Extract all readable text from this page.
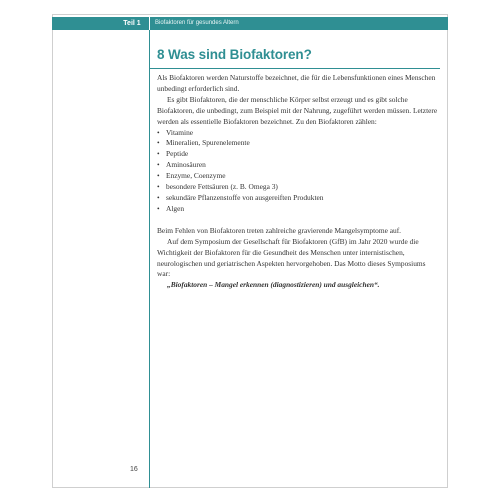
Teil 1	Biofaktoren für gesundes Altern
8 Was sind Biofaktoren?

Als Biofaktoren werden Naturstoffe bezeichnet, die für die Lebensfunktionen eines Menschen unbedingt erforderlich sind.

Es gibt Biofaktoren, die der menschliche Körper selbst erzeugt und es gibt solche Biofaktoren, die unbedingt, zum Beispiel mit der Nahrung, zugeführt werden müssen. Letztere werden als essentielle Biofaktoren bezeichnet. Zu den Biofaktoren zählen:

• Vitamine
• Mineralien, Spurenelemente
• Peptide
• Aminosäuren
• Enzyme, Coenzyme
• besondere Fettsäuren (z. B. Omega 3)
• sekundäre Pflanzenstoffe von ausgereiften Produkten
• Algen

Beim Fehlen von Biofaktoren treten zahlreiche gravierende Mangelsymptome auf.

Auf dem Symposium der Gesellschaft für Biofaktoren (GfB) im Jahr 2020 wurde die Wichtigkeit der Biofaktoren für die Gesundheit des Menschen unter internistischen, neurologischen und geriatrischen Aspekten hervorgehoben. Das Motto dieses Symposiums war:

„Biofaktoren – Mangel erkennen (diagnostizieren) und ausgleichen“.

16
